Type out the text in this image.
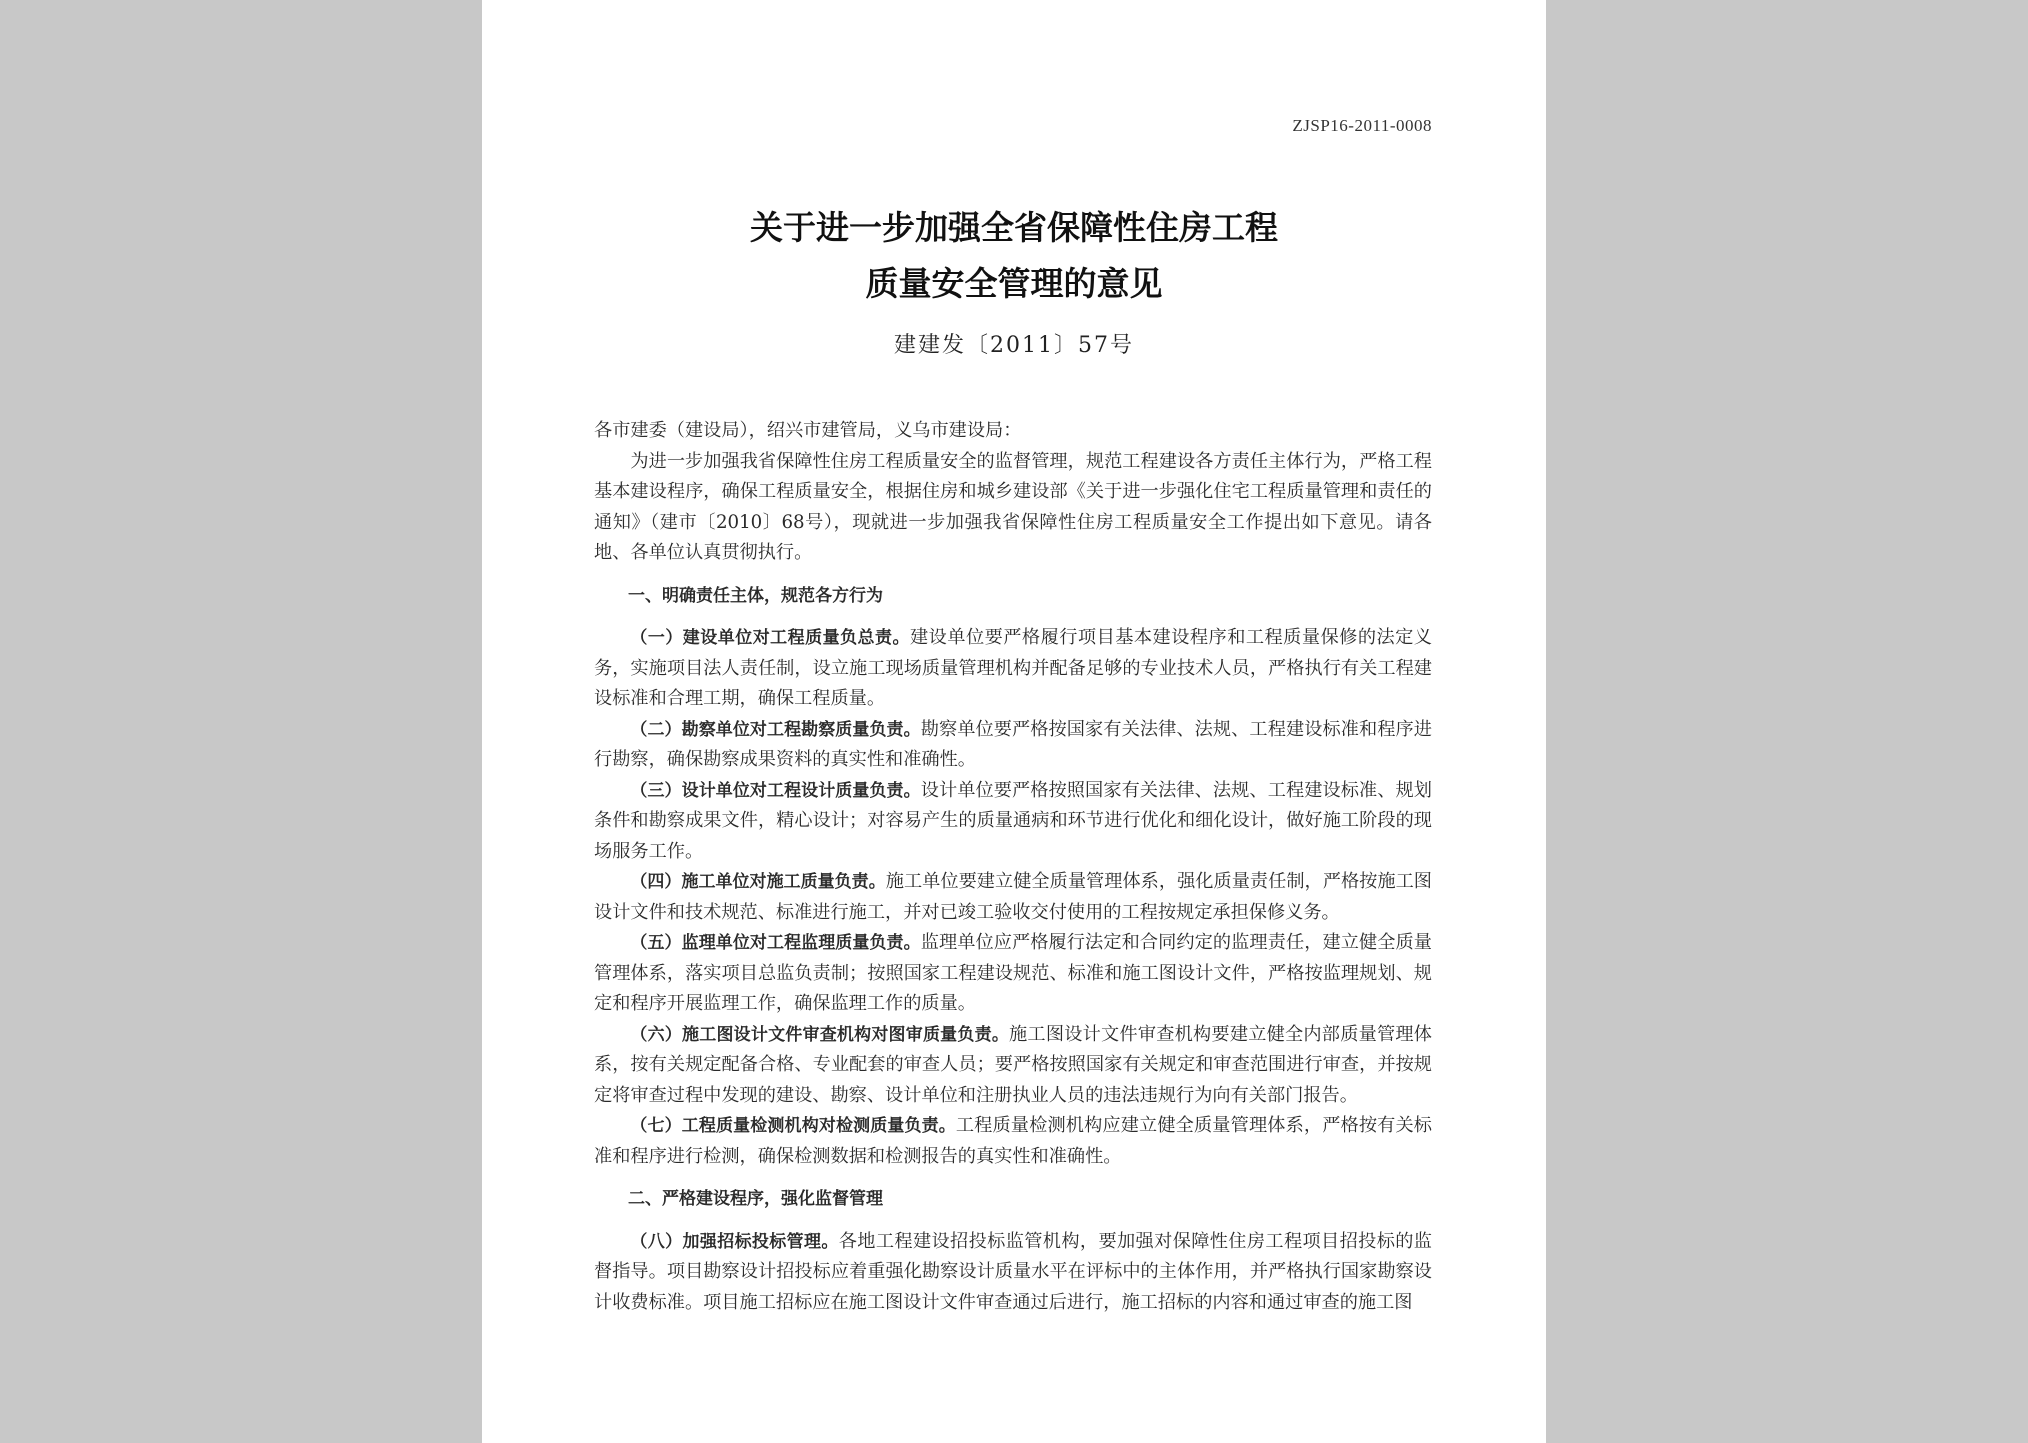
ZJSP16-2011-0008
关于进一步加强全省保障性住房工程
质量安全管理的意见
建建发〔2011〕57号

各市建委（建设局），绍兴市建管局，义乌市建设局：

为进一步加强我省保障性住房工程质量安全的监督管理，规范工程建设各方责任主体行为，严格工程基本建设程序，确保工程质量安全，根据住房和城乡建设部《关于进一步强化住宅工程质量管理和责任的通知》（建市〔2010〕68号），现就进一步加强我省保障性住房工程质量安全工作提出如下意见。请各地、各单位认真贯彻执行。

一、明确责任主体，规范各方行为

（一）建设单位对工程质量负总责。建设单位要严格履行项目基本建设程序和工程质量保修的法定义务，实施项目法人责任制，设立施工现场质量管理机构并配备足够的专业技术人员，严格执行有关工程建设标准和合理工期，确保工程质量。

（二）勘察单位对工程勘察质量负责。勘察单位要严格按国家有关法律、法规、工程建设标准和程序进行勘察，确保勘察成果资料的真实性和准确性。

（三）设计单位对工程设计质量负责。设计单位要严格按照国家有关法律、法规、工程建设标准、规划条件和勘察成果文件，精心设计；对容易产生的质量通病和环节进行优化和细化设计，做好施工阶段的现场服务工作。

（四）施工单位对施工质量负责。施工单位要建立健全质量管理体系，强化质量责任制，严格按施工图设计文件和技术规范、标准进行施工，并对已竣工验收交付使用的工程按规定承担保修义务。

（五）监理单位对工程监理质量负责。监理单位应严格履行法定和合同约定的监理责任，建立健全质量管理体系，落实项目总监负责制；按照国家工程建设规范、标准和施工图设计文件，严格按监理规划、规定和程序开展监理工作，确保监理工作的质量。

（六）施工图设计文件审查机构对图审质量负责。施工图设计文件审查机构要建立健全内部质量管理体系，按有关规定配备合格、专业配套的审查人员；要严格按照国家有关规定和审查范围进行审查，并按规定将审查过程中发现的建设、勘察、设计单位和注册执业人员的违法违规行为向有关部门报告。

（七）工程质量检测机构对检测质量负责。工程质量检测机构应建立健全质量管理体系，严格按有关标准和程序进行检测，确保检测数据和检测报告的真实性和准确性。

二、严格建设程序，强化监督管理

（八）加强招标投标管理。各地工程建设招投标监管机构，要加强对保障性住房工程项目招投标的监督指导。项目勘察设计招投标应着重强化勘察设计质量水平在评标中的主体作用，并严格执行国家勘察设计收费标准。项目施工招标应在施工图设计文件审查通过后进行，施工招标的内容和通过审查的施工图
